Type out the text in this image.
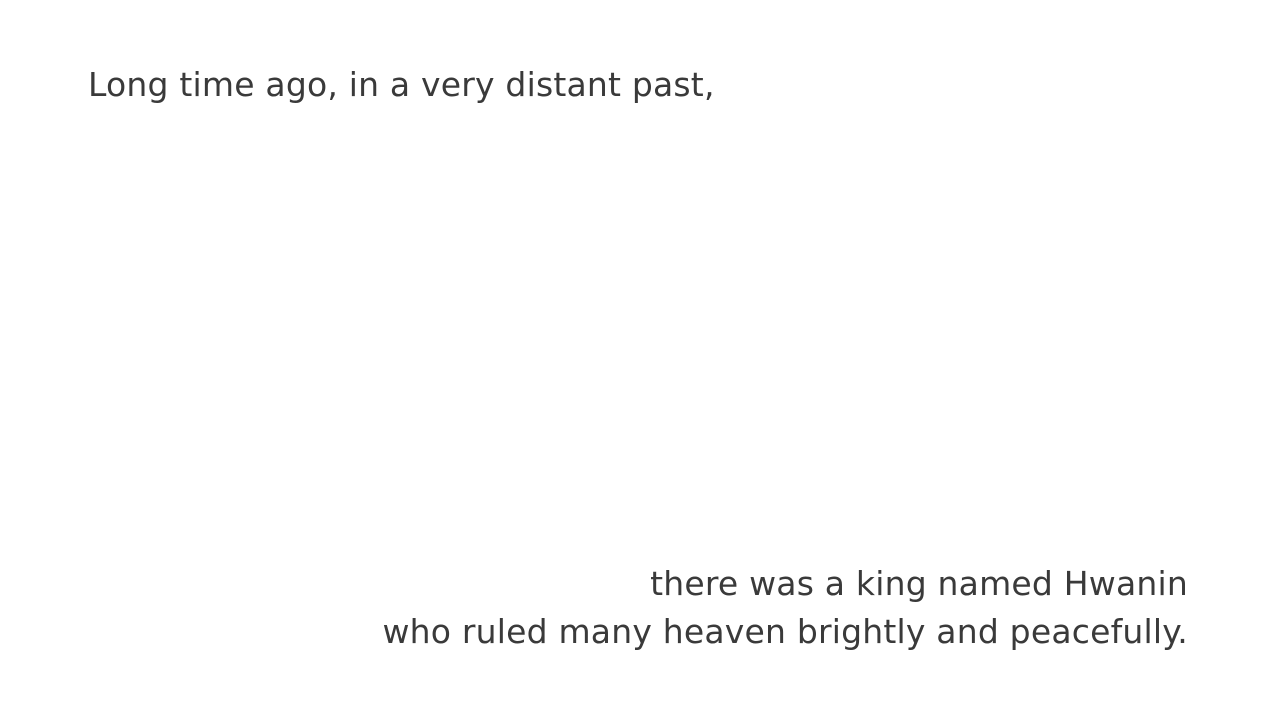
Long time ago, in a very distant past,
there was a king named Hwanin
who ruled many heaven brightly and peacefully.
